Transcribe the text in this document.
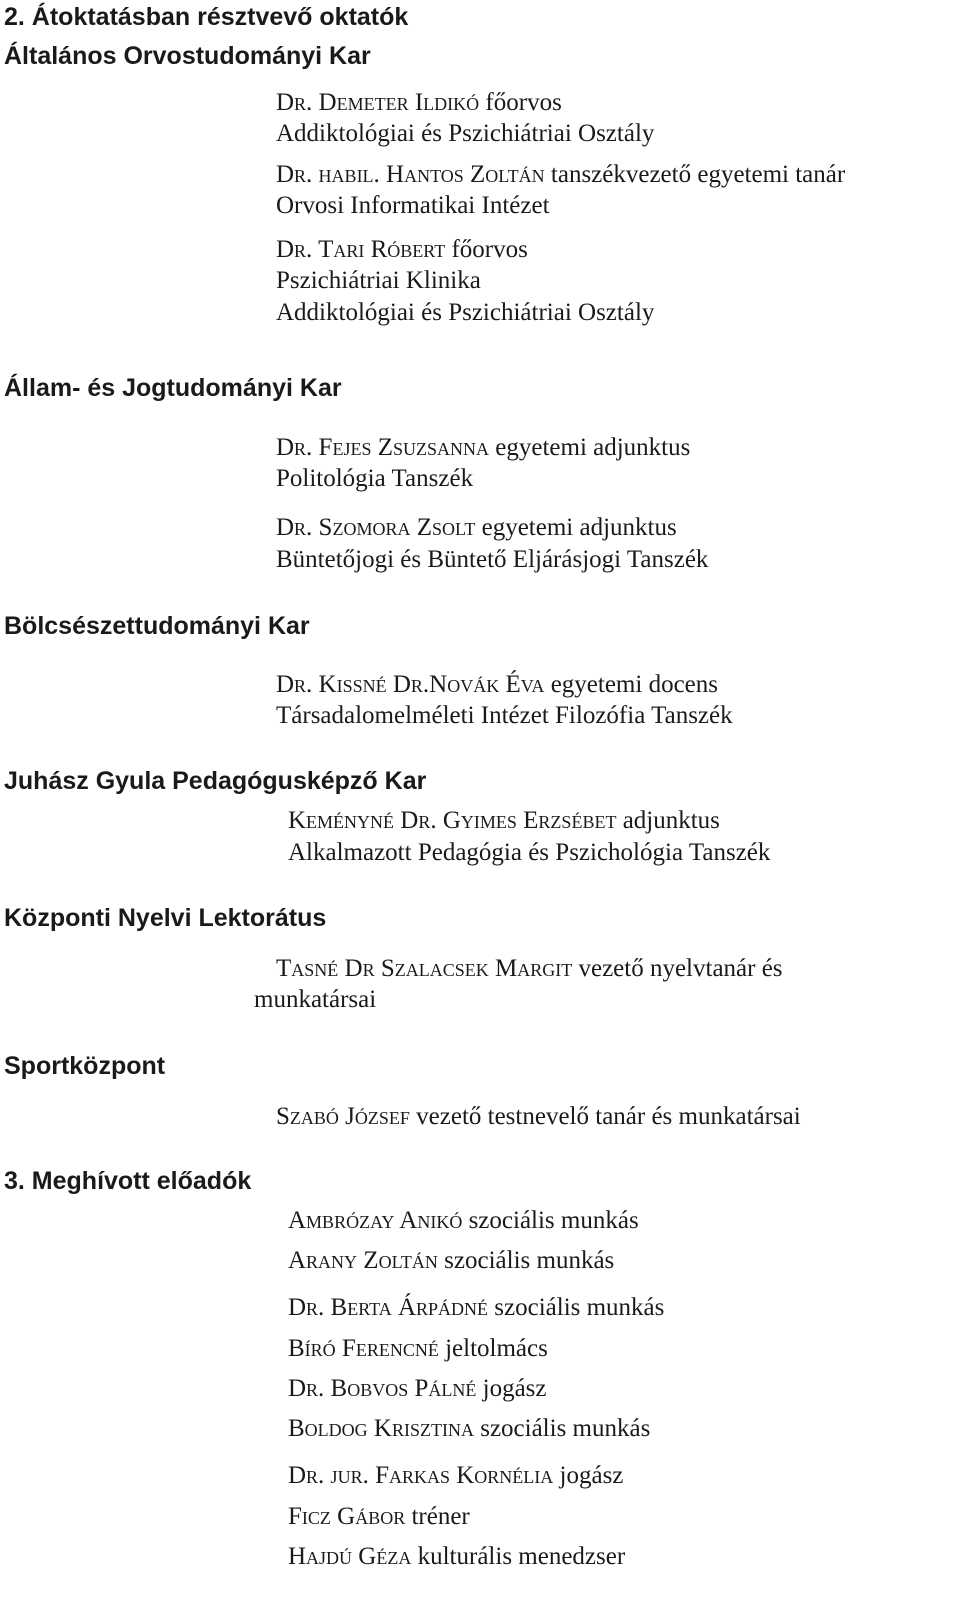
2. Átoktatásban résztvevő oktatók
Általános Orvostudományi Kar
Dr. Demeter Ildikó főorvos
Addiktológiai és Pszichiátriai Osztály
Dr. habil. Hantos Zoltán tanszékvezető egyetemi tanár
Orvosi Informatikai Intézet
Dr. Tari Róbert főorvos
Pszichiátriai Klinika
Addiktológiai és Pszichiátriai Osztály
Állam- és Jogtudományi Kar
Dr. Fejes Zsuzsanna egyetemi adjunktus
Politológia Tanszék
Dr. Szomora Zsolt egyetemi adjunktus
Büntetőjogi és Büntető Eljárásjogi Tanszék
Bölcsészettudományi Kar
Dr. Kissné Dr.Novák Éva egyetemi docens
Társadalomelméleti Intézet Filozófia Tanszék
Juhász Gyula Pedagógusképző Kar
Keményné Dr. Gyimes Erzsébet adjunktus
Alkalmazott Pedagógia és Pszichológia Tanszék
Központi Nyelvi Lektorátus
Tasné Dr Szalacsek Margit vezető nyelvtanár és
munkatársai
Sportközpont
Szabó József vezető testnevelő tanár és munkatársai
3. Meghívott előadók
Ambrózay Anikó szociális munkás
Arany Zoltán szociális munkás
Dr. Berta Árpádné szociális munkás
Bíró Ferencné jeltolmács
Dr. Bobvos Pálné jogász
Boldog Krisztina szociális munkás
Dr. jur. Farkas Kornélia jogász
Ficz Gábor tréner
Hajdú Géza kulturális menedzser
